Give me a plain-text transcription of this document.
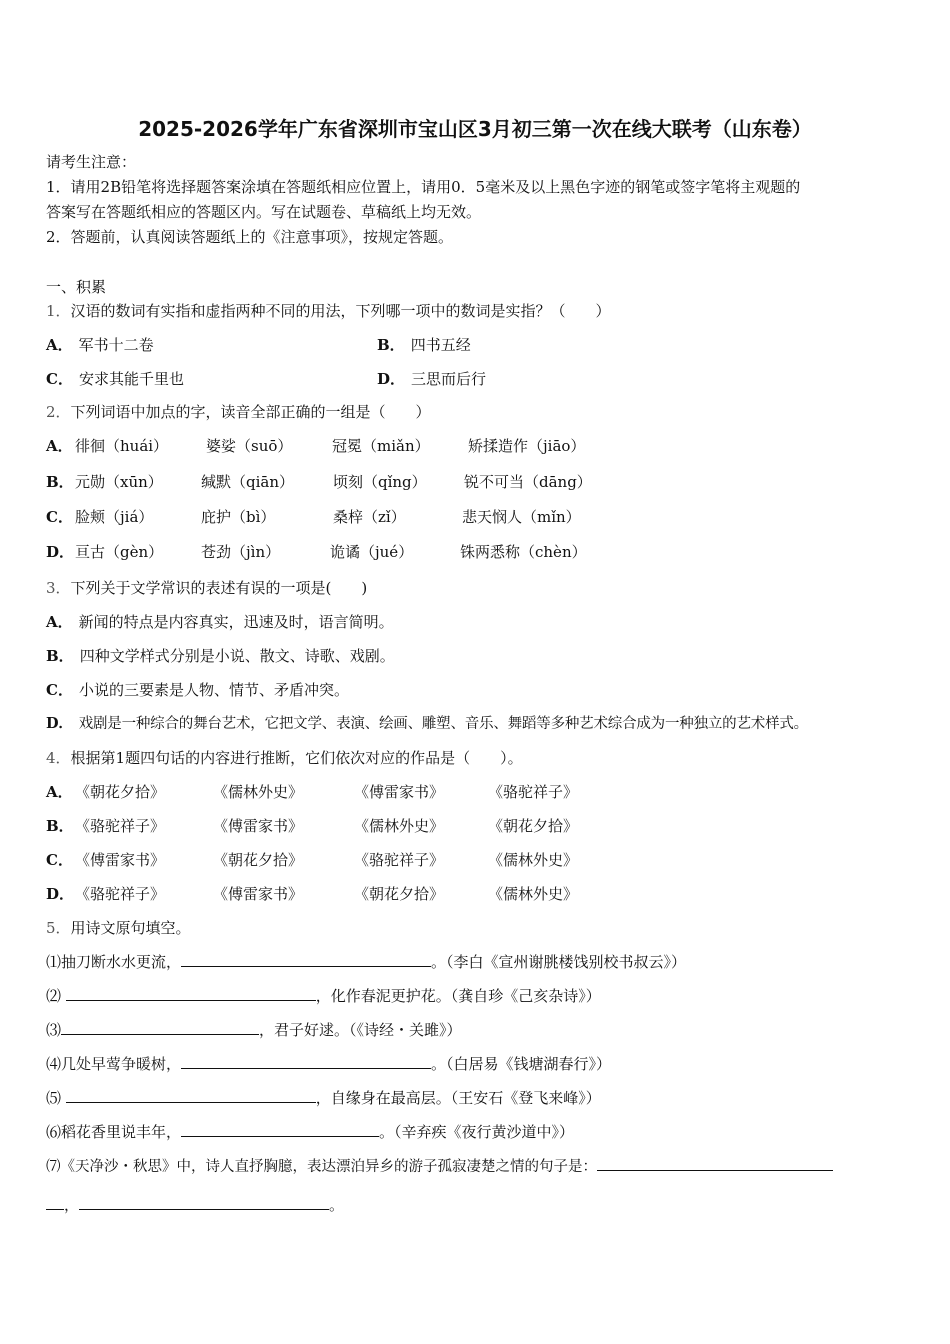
2025-2026学年广东省深圳市宝山区3月初三第一次在线大联考（山东卷）
请考生注意：
1．请用2B铅笔将选择题答案涂填在答题纸相应位置上，请用0．5毫米及以上黑色字迹的钢笔或签字笔将主观题的
答案写在答题纸相应的答题区内。写在试题卷、草稿纸上均无效。
2．答题前，认真阅读答题纸上的《注意事项》，按规定答题。
一、积累
1．汉语的数词有实指和虚指两种不同的用法，下列哪一项中的数词是实指？（　　）
A． 军书十二卷	B． 四书五经
C． 安求其能千里也	D． 三思而后行
2．下列词语中加点的字，读音全部正确的一组是（　　）
A． 徘徊（huái）	婆娑（suō）	冠冕（miǎn）	矫揉造作（jiāo）
B． 元勋（xūn）	缄默（qiān）	顷刻（qǐng） 锐不可当（dāng）
C． 脸颊（jiá）	庇护（bì）	桑梓（zǐ）	悲天悯人（mǐn）
D． 亘古（gèn）	苍劲（jìn）	诡谲（jué）	铢两悉称（chèn）
3．下列关于文学常识的表述有误的一项是(　　)
A． 新闻的特点是内容真实，迅速及时，语言简明。
B． 四种文学样式分别是小说、散文、诗歌、戏剧。
C． 小说的三要素是人物、情节、矛盾冲突。
D． 戏剧是一种综合的舞台艺术，它把文学、表演、绘画、雕塑、音乐、舞蹈等多种艺术综合成为一种独立的艺术样式。
4．根据第1题四句话的内容进行推断，它们依次对应的作品是（　　）。
A． 《朝花夕拾》	《儒林外史》	《傅雷家书》	《骆驼祥子》
B． 《骆驼祥子》	《傅雷家书》	《儒林外史》	《朝花夕拾》
C． 《傅雷家书》	《朝花夕拾》	《骆驼祥子》	《儒林外史》
D． 《骆驼祥子》	《傅雷家书》	《朝花夕拾》	《儒林外史》
5．用诗文原句填空。
⑴抽刀断水水更流，	。（李白《宣州谢朓楼饯别校书叔云》）
⑵	，化作春泥更护花。（龚自珍《己亥杂诗》）
⑶	，君子好逑。（《诗经・关雎》）
⑷几处早莺争暖树，	。（白居易《钱塘湖春行》）
⑸	，自缘身在最高层。（王安石《登飞来峰》）
⑹稻花香里说丰年，	。（辛弃疾《夜行黄沙道中》）
⑺《天净沙・秋思》中，诗人直抒胸臆，表达漂泊异乡的游子孤寂凄楚之情的句子是：
，	。
